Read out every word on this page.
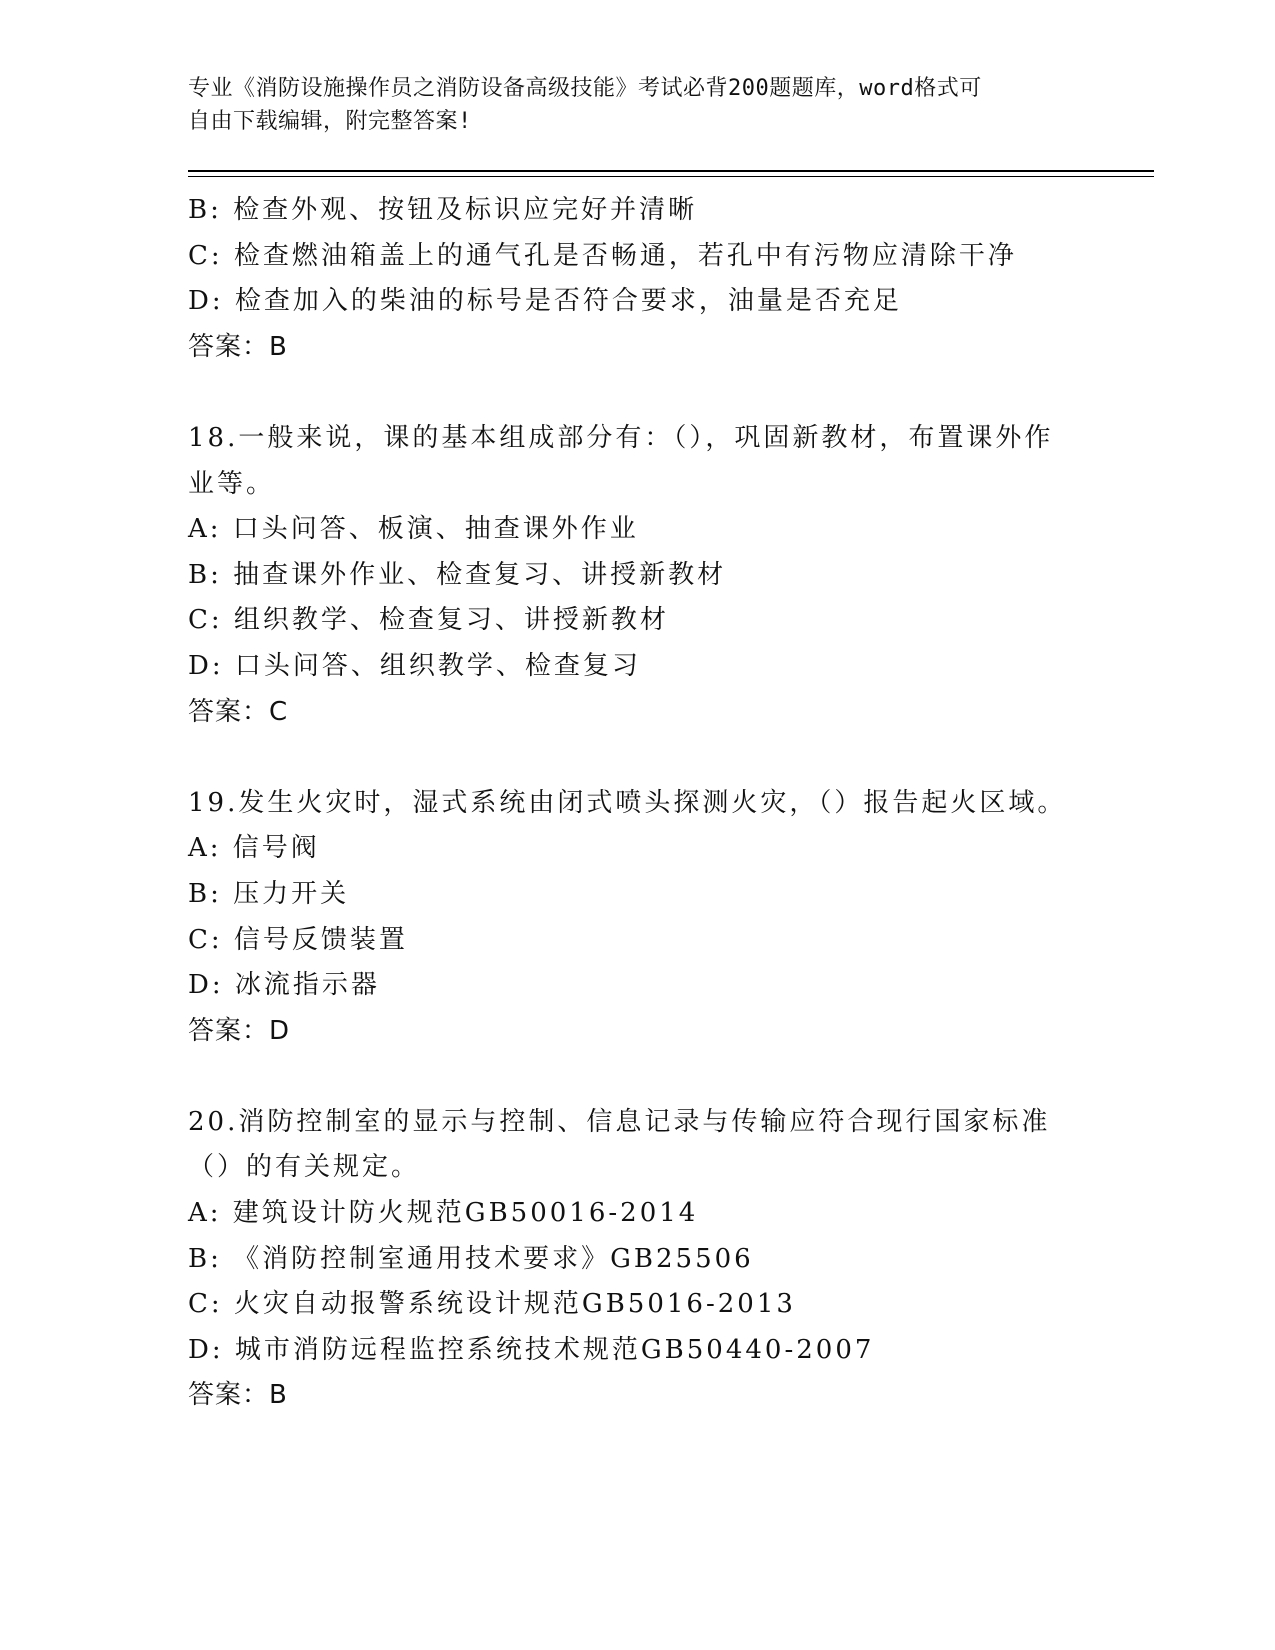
专业《消防设施操作员之消防设备高级技能》考试必背200题题库，word格式可
自由下载编辑，附完整答案!
B: 检查外观、按钮及标识应完好并清晰
C: 检查燃油箱盖上的通气孔是否畅通，若孔中有污物应清除干净
D: 检查加入的柴油的标号是否符合要求，油量是否充足
答案：B
18.一般来说，课的基本组成部分有：（），巩固新教材，布置课外作业等。
A: 口头问答、板演、抽查课外作业
B: 抽查课外作业、检查复习、讲授新教材
C: 组织教学、检查复习、讲授新教材
D: 口头问答、组织教学、检查复习
答案：C
19.发生火灾时，湿式系统由闭式喷头探测火灾，（）报告起火区域。
A: 信号阀
B: 压力开关
C: 信号反馈装置
D: 冰流指示器
答案：D
20.消防控制室的显示与控制、信息记录与传输应符合现行国家标准（）的有关规定。
A: 建筑设计防火规范GB50016-2014
B: 《消防控制室通用技术要求》GB25506
C: 火灾自动报警系统设计规范GB5016-2013
D: 城市消防远程监控系统技术规范GB50440-2007
答案：B
